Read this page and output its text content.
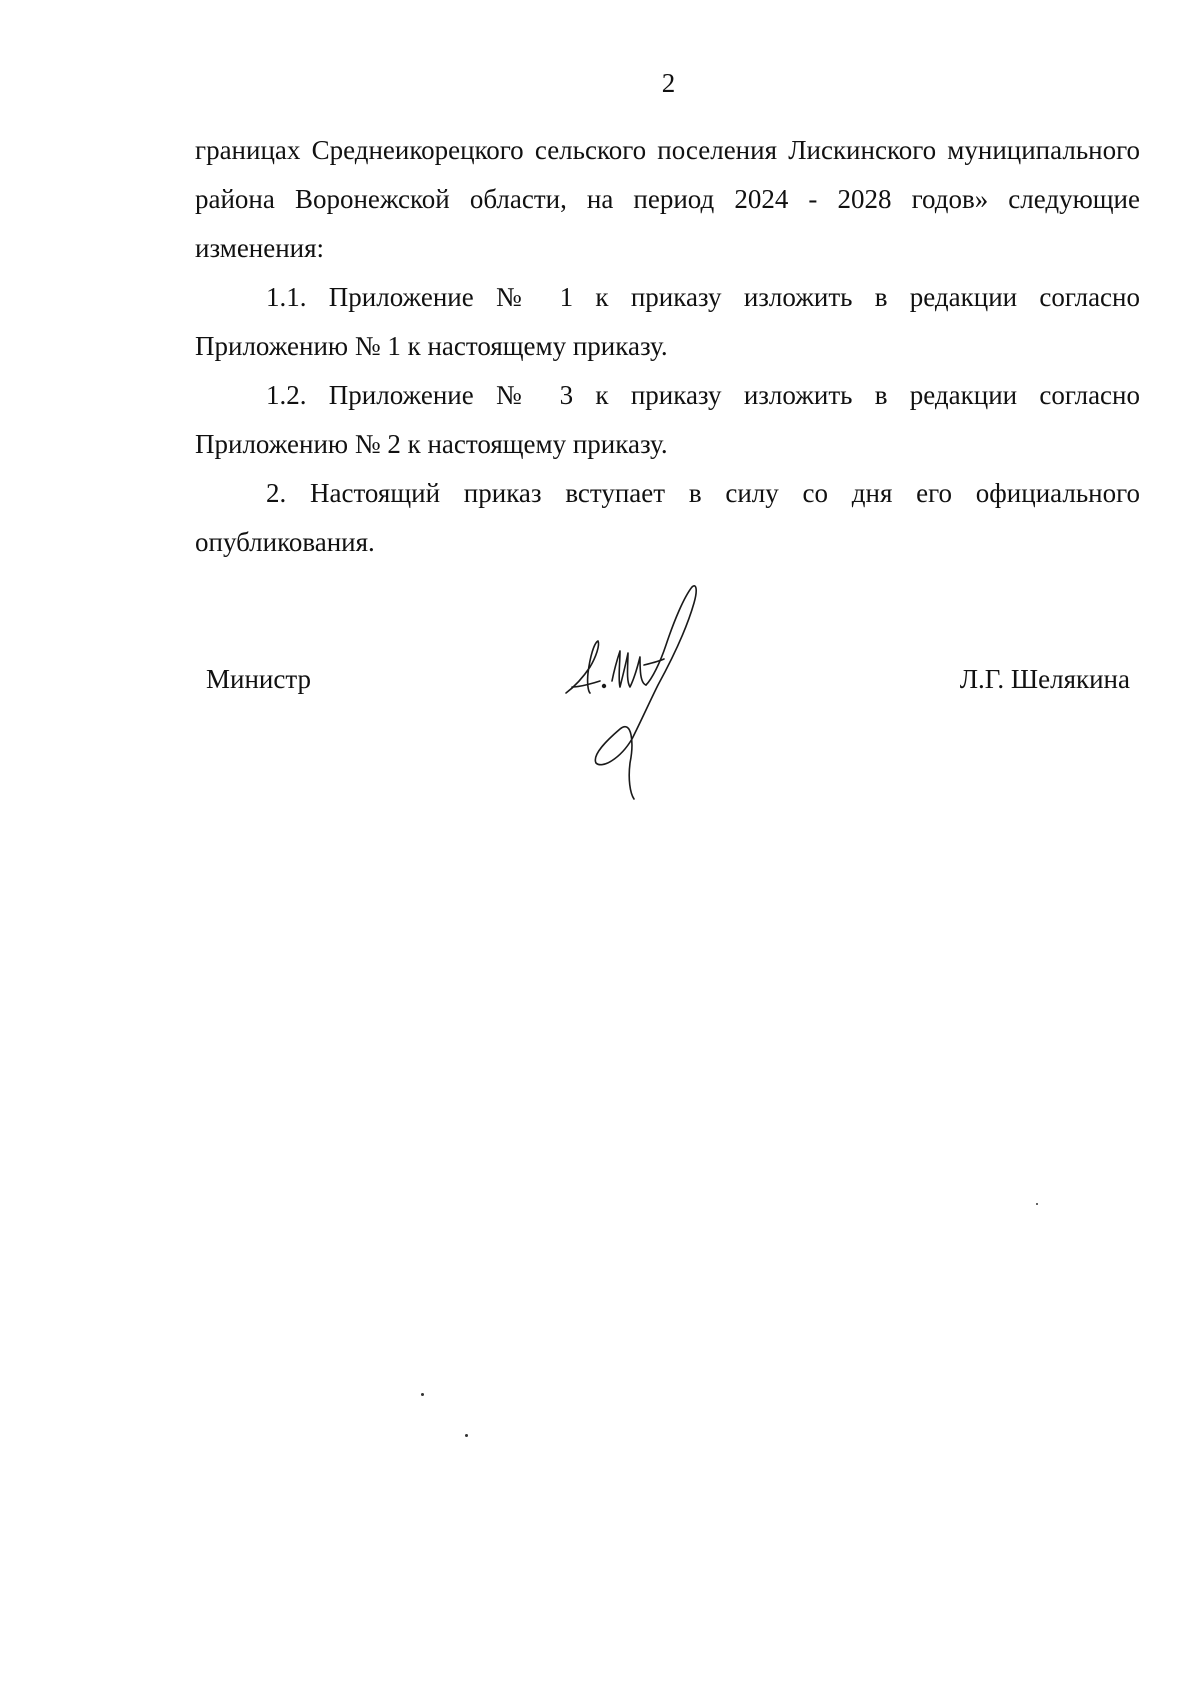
2

границах Среднеикорецкого сельского поселения Лискинского муниципального района Воронежской области, на период 2024 - 2028 годов» следующие изменения:

1.1. Приложение № 1 к приказу изложить в редакции согласно Приложению № 1 к настоящему приказу.

1.2. Приложение № 3 к приказу изложить в редакции согласно Приложению № 2 к настоящему приказу.

2. Настоящий приказ вступает в силу со дня его официального опубликования.

Министр	Л.Г. Шелякина
